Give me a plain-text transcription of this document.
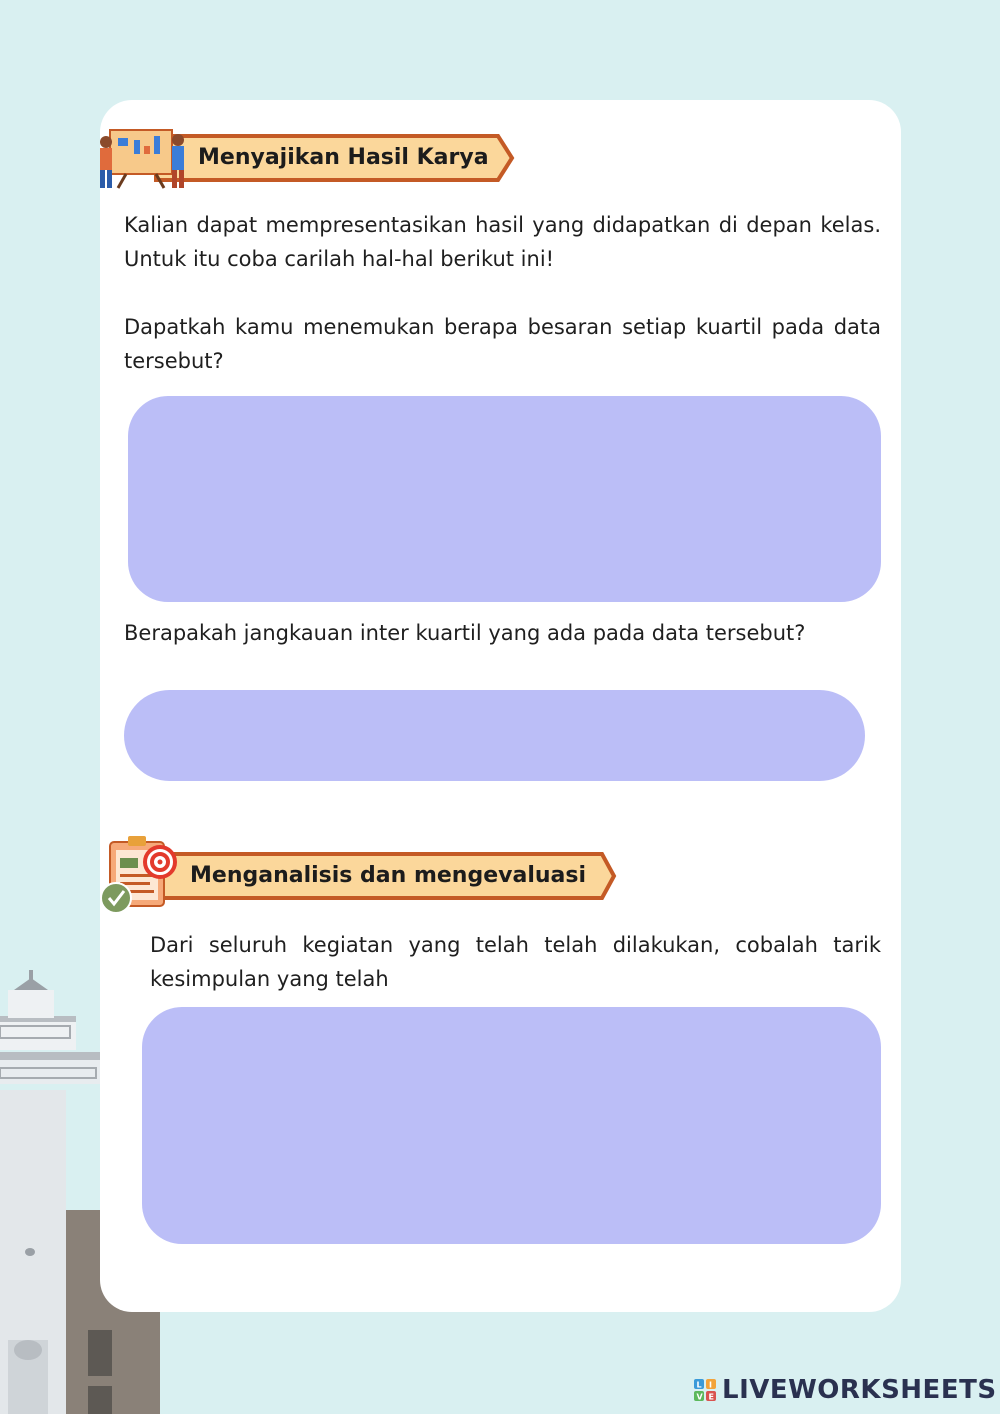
Menyajikan Hasil Karya

Kalian dapat mempresentasikan hasil yang didapatkan di depan kelas. Untuk itu coba carilah hal-hal berikut ini!

Dapatkah kamu menemukan berapa besaran setiap kuartil pada data tersebut?

Berapakah jangkauan inter kuartil yang ada pada data tersebut?

Menganalisis dan mengevaluasi

Dari seluruh kegiatan yang telah telah dilakukan, cobalah tarik kesimpulan yang telah

L I
V E LIVEWORKSHEETS
